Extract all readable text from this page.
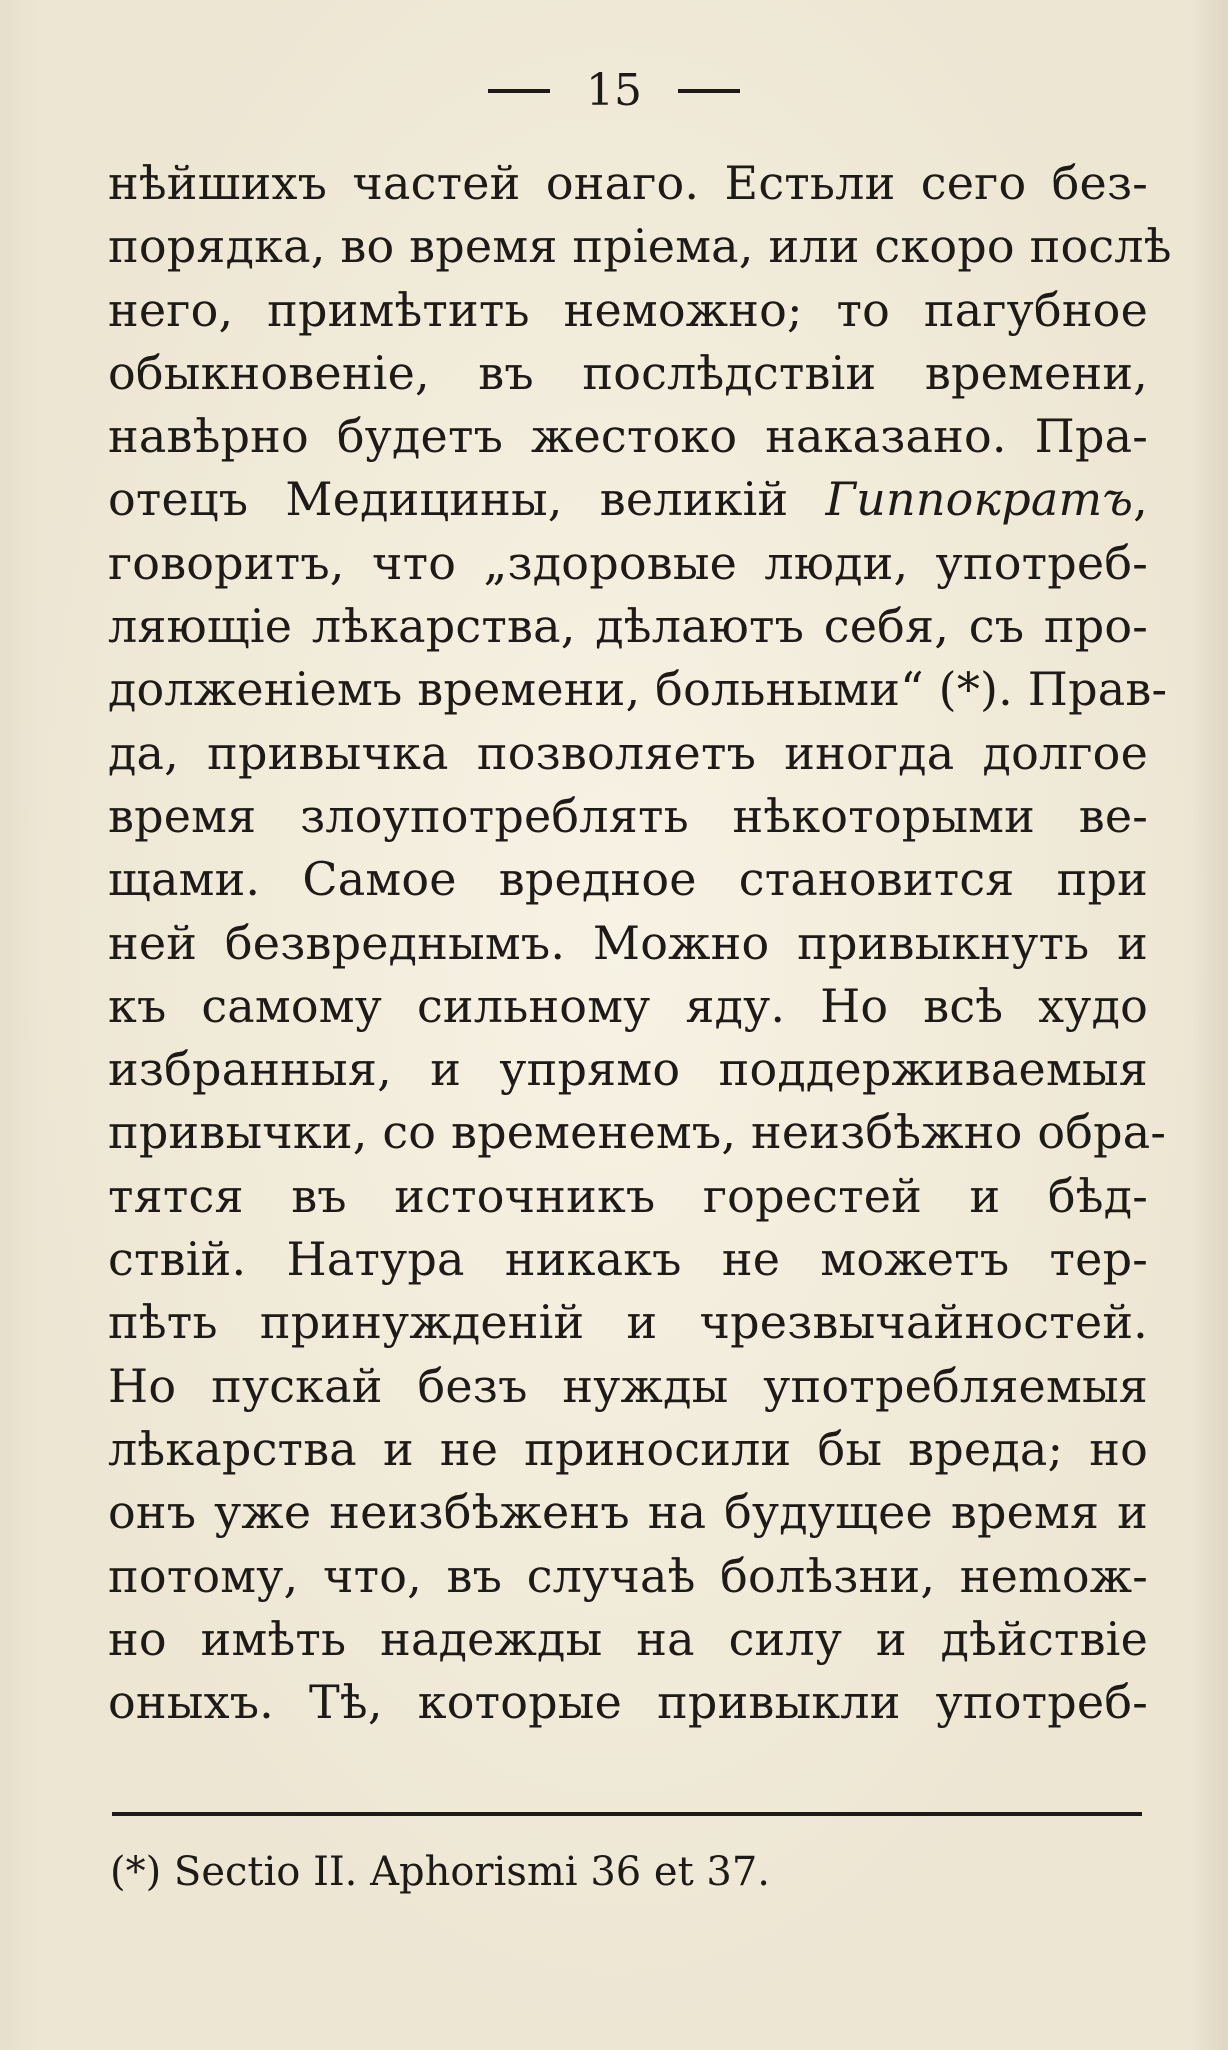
15
нѣйшихъ частей онаго. Естьли сего без-
порядка, во время пріема, или скоро послѣ
него, примѣтить неможно; то пагубное
обыкновеніе, въ послѣдствіи времени,
навѣрно будетъ жестоко наказано. Пра-
отецъ Медицины, великій Гиппократъ,
говоритъ, что „здоровые люди, употреб-
ляющіе лѣкарства, дѣлаютъ себя, съ про-
долженіемъ времени, больными“ (*). Прав-
да, привычка позволяетъ иногда долгое
время злоупотреблять нѣкоторыми ве-
щами. Самое вредное становится при
ней безвреднымъ. Можно привыкнуть и
къ самому сильному яду. Но всѣ худо
избранныя, и упрямо поддерживаемыя
привычки, со временемъ, неизбѣжно обра-
тятся въ источникъ горестей и бѣд-
ствій. Натура никакъ не можетъ тер-
пѣть принужденій и чрезвычайностей.
Но пускай безъ нужды употребляемыя
лѣкарства и не приносили бы вреда; но
онъ уже неизбѣженъ на будущее время и
потому, что, въ случаѣ болѣзни, неmож-
но имѣть надежды на силу и дѣйствіе
оныхъ. Тѣ, которые привыкли употреб-
(*) Sectio II. Aphorismi 36 et 37.
